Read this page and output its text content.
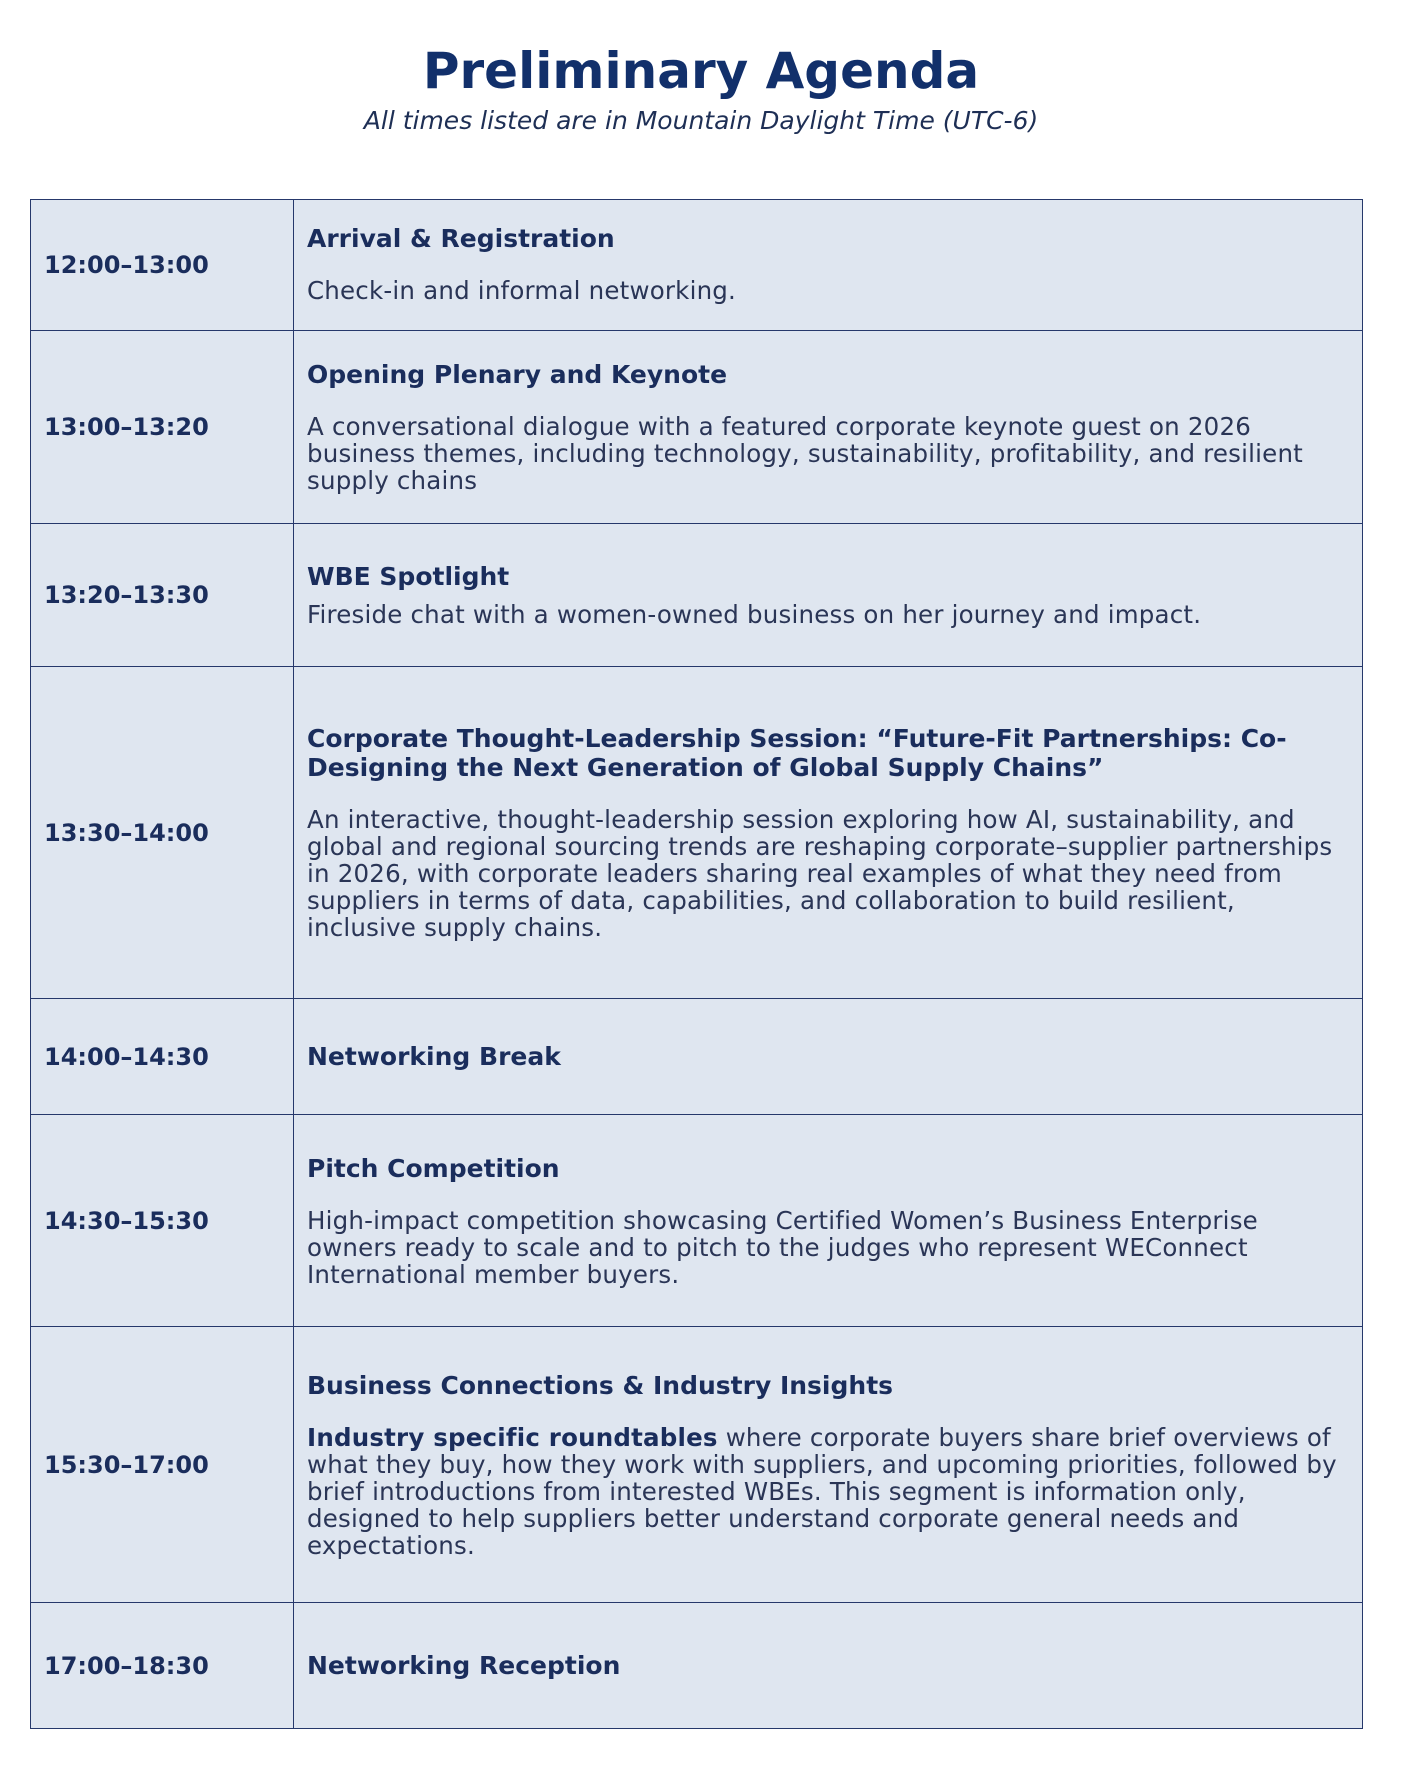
Preliminary Agenda

All times listed are in Mountain Daylight Time (UTC-6)

12:00–13:00	Arrival & Registration

Check-in and informal networking.

13:00–13:20	Opening Plenary and Keynote

A conversational dialogue with a featured corporate keynote guest on 2026 business themes, including technology, sustainability, profitability, and resilient supply chains

13:20–13:30	WBE Spotlight

Fireside chat with a women-owned business on her journey and impact.

13:30–14:00	Corporate Thought-Leadership Session: “Future-Fit Partnerships: Co-Designing the Next Generation of Global Supply Chains”

An interactive, thought-leadership session exploring how AI, sustainability, and global and regional sourcing trends are reshaping corporate–supplier partnerships in 2026, with corporate leaders sharing real examples of what they need from suppliers in terms of data, capabilities, and collaboration to build resilient, inclusive supply chains.

14:00–14:30	Networking Break

14:30–15:30	Pitch Competition

High-impact competition showcasing Certified Women’s Business Enterprise owners ready to scale and to pitch to the judges who represent WEConnect International member buyers.

15:30–17:00	Business Connections & Industry Insights

Industry specific roundtables where corporate buyers share brief overviews of what they buy, how they work with suppliers, and upcoming priorities, followed by brief introductions from interested WBEs. This segment is information only, designed to help suppliers better understand corporate general needs and expectations.

17:00–18:30	Networking Reception
